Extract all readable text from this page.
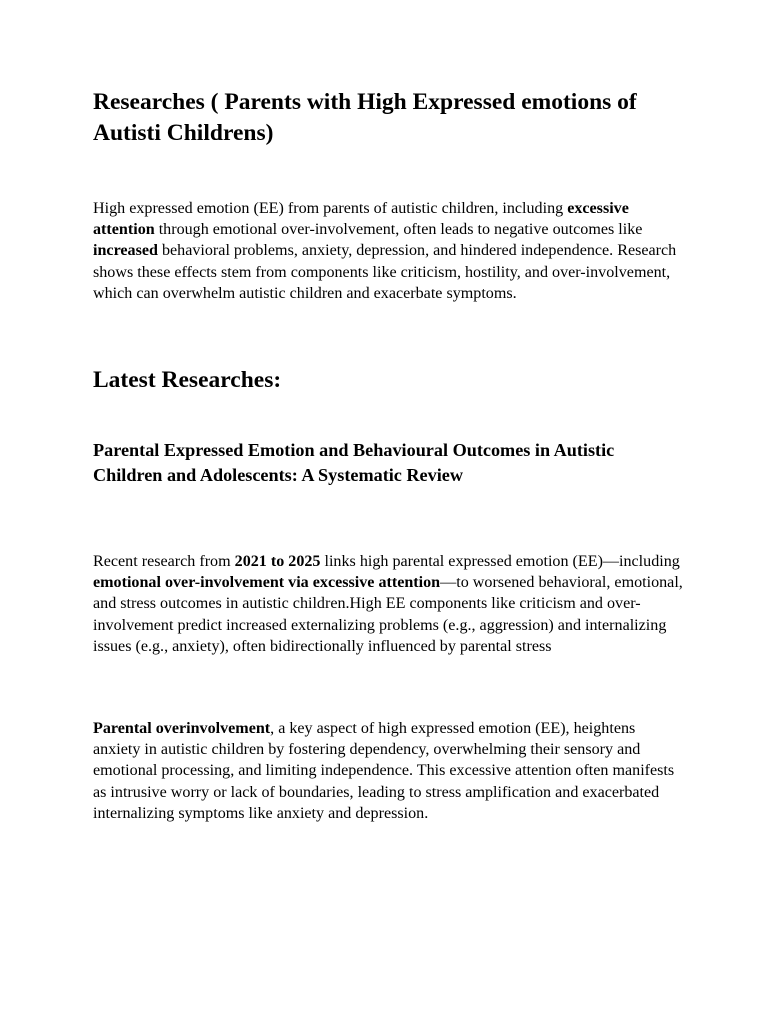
Researches ( Parents with High Expressed emotions of Autisti Childrens)

High expressed emotion (EE) from parents of autistic children, including excessive attention through emotional over-involvement, often leads to negative outcomes like increased behavioral problems, anxiety, depression, and hindered independence. Research shows these effects stem from components like criticism, hostility, and over-involvement, which can overwhelm autistic children and exacerbate symptoms.

Latest Researches:
Parental Expressed Emotion and Behavioural Outcomes in Autistic Children and Adolescents: A Systematic Review

Recent research from 2021 to 2025 links high parental expressed emotion (EE)—including emotional over-involvement via excessive attention—to worsened behavioral, emotional, and stress outcomes in autistic children.High EE components like criticism and over-involvement predict increased externalizing problems (e.g., aggression) and internalizing issues (e.g., anxiety), often bidirectionally influenced by parental stress

Parental overinvolvement, a key aspect of high expressed emotion (EE), heightens anxiety in autistic children by fostering dependency, overwhelming their sensory and emotional processing, and limiting independence. This excessive attention often manifests as intrusive worry or lack of boundaries, leading to stress amplification and exacerbated internalizing symptoms like anxiety and depression.
